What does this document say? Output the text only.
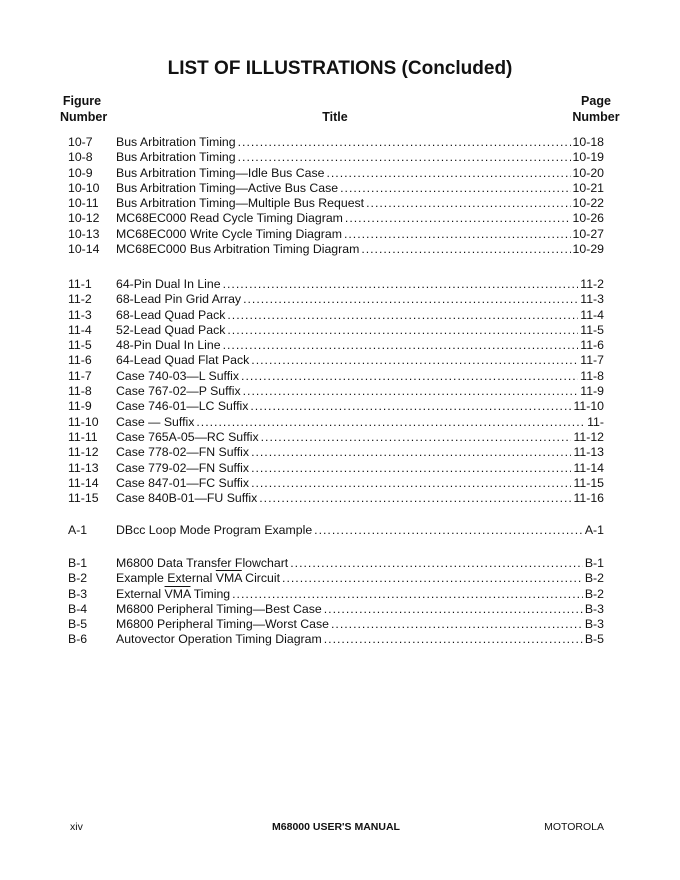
LIST OF ILLUSTRATIONS (Concluded)
Figure
Number	Title
Page
Number
10-7	Bus Arbitration Timing .....	10-18
10-8	Bus Arbitration Timing .....	10-19
10-9	Bus Arbitration Timing—Idle Bus Case .....	10-20
10-10	Bus Arbitration Timing—Active Bus Case .....	10-21
10-11	Bus Arbitration Timing—Multiple Bus Request .....	10-22
10-12	MC68EC000 Read Cycle Timing Diagram .....	10-26
10-13	MC68EC000 Write Cycle Timing Diagram .....	10-27
10-14	MC68EC000 Bus Arbitration Timing Diagram .....	10-29
11-1	64-Pin Dual In Line .....	11-2
11-2	68-Lead Pin Grid Array .....	11-3
11-3	68-Lead Quad Pack .....	11-4
11-4	52-Lead Quad Pack .....	11-5
11-5	48-Pin Dual In Line .....	11-6
11-6	64-Lead Quad Flat Pack .....	11-7
11-7	Case 740-03—L Suffix .....	11-8
11-8	Case 767-02—P Suffix .....	11-9
11-9	Case 746-01—LC Suffix .....	11-10
11-10	Case — Suffix .....	11-
11-11	Case 765A-05—RC Suffix .....	11-12
11-12	Case 778-02—FN Suffix .....	11-13
11-13	Case 779-02—FN Suffix .....	11-14
11-14	Case 847-01—FC Suffix .....	11-15
11-15	Case 840B-01—FU Suffix .....	11-16
A-1	DBcc Loop Mode Program Example .....	A-1
B-1	M6800 Data Transfer Flowchart .....	B-1
B-2	Example External $\overline{VMA}$ Circuit .....	B-2
B-3	External $\overline{VMA}$ Timing .....	B-2
B-4	M6800 Peripheral Timing—Best Case .....	B-3
B-5	M6800 Peripheral Timing—Worst Case .....	B-3
B-6	Autovector Operation Timing Diagram .....	B-5
xiv	M68000 USER'S MANUAL	MOTOROLA
